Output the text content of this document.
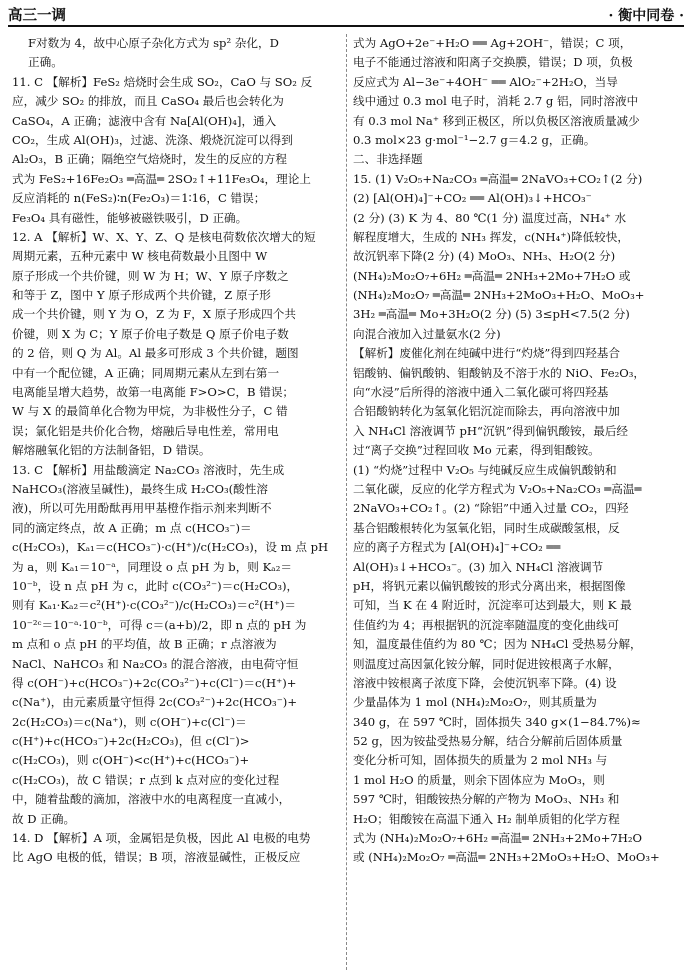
高三一调	· 衡中同卷 ·
F对数为 4，故中心原子杂化方式为 sp² 杂化，D
正确。
11. C 【解析】FeS₂ 焙烧时会生成 SO₂，CaO 与 SO₂ 反
应，减少 SO₂ 的排放，而且 CaSO₄ 最后也会转化为
CaSO₄，A 正确；滤液中含有 Na[Al(OH)₄]，通入
CO₂，生成 Al(OH)₃，过滤、洗涤、煅烧沉淀可以得到
Al₂O₃，B 正确；隔绝空气焙烧时，发生的反应的方程
式为 FeS₂+16Fe₂O₃ ═高温═ 2SO₂↑+11Fe₃O₄，理论上
反应消耗的 n(FeS₂)∶n(Fe₂O₃)＝1∶16，C 错误；
Fe₃O₄ 具有磁性，能够被磁铁吸引，D 正确。
12. A 【解析】W、X、Y、Z、Q 是核电荷数依次增大的短
周期元素，五种元素中 W 核电荷数最小且图中 W
原子形成一个共价键，则 W 为 H；W、Y 原子序数之
和等于 Z，图中 Y 原子形成两个共价键，Z 原子形
成一个共价键，则 Y 为 O，Z 为 F，X 原子形成四个共
价键，则 X 为 C；Y 原子价电子数是 Q 原子价电子数
的 2 倍，则 Q 为 Al。Al 最多可形成 3 个共价键，题图
中有一个配位键，A 正确；同周期元素从左到右第一
电离能呈增大趋势，故第一电离能 F>O>C，B 错误；
W 与 X 的最简单化合物为甲烷，为非极性分子，C 错
误；氯化铝是共价化合物，熔融后导电性差，常用电
解熔融氧化铝的方法制备铝，D 错误。
13. C 【解析】用盐酸滴定 Na₂CO₃ 溶液时，先生成
NaHCO₃(溶液呈碱性)，最终生成 H₂CO₃(酸性溶
液)，所以可先用酚酞再用甲基橙作指示剂来判断不
同的滴定终点，故 A 正确；m 点 c(HCO₃⁻)＝
c(H₂CO₃)，Kₐ₁＝c(HCO₃⁻)·c(H⁺)/c(H₂CO₃)，设 m 点 pH
为 a，则 Kₐ₁＝10⁻ᵃ，同理设 o 点 pH 为 b，则 Kₐ₂＝
10⁻ᵇ，设 n 点 pH 为 c，此时 c(CO₃²⁻)＝c(H₂CO₃)，
则有 Kₐ₁·Kₐ₂＝c²(H⁺)·c(CO₃²⁻)/c(H₂CO₃)＝c²(H⁺)＝
10⁻²ᶜ＝10⁻ᵃ·10⁻ᵇ，可得 c＝(a+b)/2，即 n 点的 pH 为
m 点和 o 点 pH 的平均值，故 B 正确；r 点溶液为
NaCl、NaHCO₃ 和 Na₂CO₃ 的混合溶液，由电荷守恒
得 c(OH⁻)+c(HCO₃⁻)+2c(CO₃²⁻)+c(Cl⁻)＝c(H⁺)+
c(Na⁺)，由元素质量守恒得 2c(CO₃²⁻)+2c(HCO₃⁻)+
2c(H₂CO₃)＝c(Na⁺)，则 c(OH⁻)+c(Cl⁻)＝
c(H⁺)+c(HCO₃⁻)+2c(H₂CO₃)，但 c(Cl⁻)>
c(H₂CO₃)，则 c(OH⁻)<c(H⁺)+c(HCO₃⁻)+
c(H₂CO₃)，故 C 错误；r 点到 k 点对应的变化过程
中，随着盐酸的滴加，溶液中水的电离程度一直减小，
故 D 正确。
14. D 【解析】A 项，金属铝是负极，因此 Al 电极的电势
比 AgO 电极的低，错误；B 项，溶液显碱性，正极反应
式为 AgO+2e⁻+H₂O ══ Ag+2OH⁻，错误；C 项，
电子不能通过溶液和阳离子交换膜，错误；D 项，负极
反应式为 Al−3e⁻+4OH⁻ ══ AlO₂⁻+2H₂O，当导
线中通过 0.3 mol 电子时，消耗 2.7 g 铝，同时溶液中
有 0.3 mol Na⁺ 移到正极区，所以负极区溶液质量减少
0.3 mol×23 g·mol⁻¹−2.7 g＝4.2 g，正确。
二、非选择题
15. (1) V₂O₅+Na₂CO₃ ═高温═ 2NaVO₃+CO₂↑(2 分)
(2) [Al(OH)₄]⁻+CO₂ ══ Al(OH)₃↓+HCO₃⁻
(2 分) (3) K 为 4、80 ℃(1 分) 温度过高，NH₄⁺ 水
解程度增大，生成的 NH₃ 挥发，c(NH₄⁺)降低较快，
故沉钒率下降(2 分) (4) MoO₃、NH₃、H₂O(2 分)
(NH₄)₂Mo₂O₇+6H₂ ═高温═ 2NH₃+2Mo+7H₂O 或
(NH₄)₂Mo₂O₇ ═高温═ 2NH₃+2MoO₃+H₂O、MoO₃+
3H₂ ═高温═ Mo+3H₂O(2 分) (5) 3≤pH<7.5(2 分)
向混合液加入过量氨水(2 分)
【解析】废催化剂在纯碱中进行“灼烧”得到四羟基合
铝酸钠、偏钒酸钠、钼酸钠及不溶于水的 NiO、Fe₂O₃，
向“水浸”后所得的溶液中通入二氧化碳可将四羟基
合铝酸钠转化为氢氧化铝沉淀而除去，再向溶液中加
入 NH₄Cl 溶液调节 pH“沉钒”得到偏钒酸铵，最后经
过“离子交换”过程回收 Mo 元素，得到钼酸铵。
(1) “灼烧”过程中 V₂O₅ 与纯碱反应生成偏钒酸钠和
二氧化碳，反应的化学方程式为 V₂O₅+Na₂CO₃ ═高温═
2NaVO₃+CO₂↑。(2) “除铝”中通入过量 CO₂，四羟
基合铝酸根转化为氢氧化铝，同时生成碳酸氢根，反
应的离子方程式为 [Al(OH)₄]⁻+CO₂ ══
Al(OH)₃↓+HCO₃⁻。(3) 加入 NH₄Cl 溶液调节
pH，将钒元素以偏钒酸铵的形式分离出来，根据图像
可知，当 K 在 4 附近时，沉淀率可达到最大，则 K 最
佳值约为 4；再根据钒的沉淀率随温度的变化曲线可
知，温度最佳值约为 80 ℃；因为 NH₄Cl 受热易分解，
则温度过高因氯化铵分解，同时促进铵根离子水解，
溶液中铵根离子浓度下降，会使沉钒率下降。(4) 设
少量晶体为 1 mol (NH₄)₂Mo₂O₇，则其质量为
340 g，在 597 ℃时，固体损失 340 g×(1−84.7%)≈
52 g，因为铵盐受热易分解，结合分解前后固体质量
变化分析可知，固体损失的质量为 2 mol NH₃ 与
1 mol H₂O 的质量，则余下固体应为 MoO₃，则
597 ℃时，钼酸铵热分解的产物为 MoO₃、NH₃ 和
H₂O；钼酸铵在高温下通入 H₂ 制单质钼的化学方程
式为 (NH₄)₂Mo₂O₇+6H₂ ═高温═ 2NH₃+2Mo+7H₂O
或 (NH₄)₂Mo₂O₇ ═高温═ 2NH₃+2MoO₃+H₂O、MoO₃+
